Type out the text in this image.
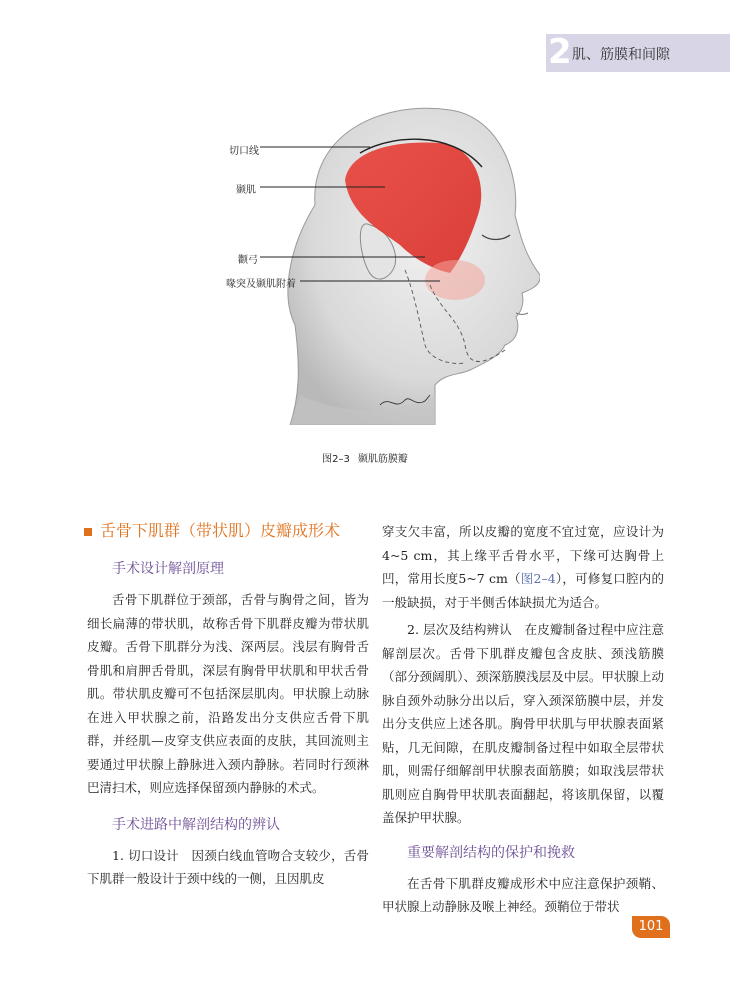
2 肌、筋膜和间隙
切口线
颞肌
颧弓
喙突及颞肌附着
图2–3 颞肌筋膜瓣
舌骨下肌群（带状肌）皮瓣成形术
手术设计解剖原理

舌骨下肌群位于颈部，舌骨与胸骨之间，皆为细长扁薄的带状肌，故称舌骨下肌群皮瓣为带状肌皮瓣。舌骨下肌群分为浅、深两层。浅层有胸骨舌骨肌和肩胛舌骨肌，深层有胸骨甲状肌和甲状舌骨肌。带状肌皮瓣可不包括深层肌肉。甲状腺上动脉在进入甲状腺之前，沿路发出分支供应舌骨下肌群，并经肌—皮穿支供应表面的皮肤，其回流则主要通过甲状腺上静脉进入颈内静脉。若同时行颈淋巴清扫术，则应选择保留颈内静脉的术式。

手术进路中解剖结构的辨认

1. 切口设计　因颈白线血管吻合支较少，舌骨下肌群一般设计于颈中线的一侧，且因肌皮

穿支欠丰富，所以皮瓣的宽度不宜过宽，应设计为4~5 cm，其上缘平舌骨水平，下缘可达胸骨上凹，常用长度5~7 cm（图2–4），可修复口腔内的一般缺损，对于半侧舌体缺损尤为适合。

2. 层次及结构辨认　在皮瓣制备过程中应注意解剖层次。舌骨下肌群皮瓣包含皮肤、颈浅筋膜（部分颈阔肌）、颈深筋膜浅层及中层。甲状腺上动脉自颈外动脉分出以后，穿入颈深筋膜中层，并发出分支供应上述各肌。胸骨甲状肌与甲状腺表面紧贴，几无间隙，在肌皮瓣制备过程中如取全层带状肌，则需仔细解剖甲状腺表面筋膜；如取浅层带状肌则应自胸骨甲状肌表面翻起，将该肌保留，以覆盖保护甲状腺。

重要解剖结构的保护和挽救

在舌骨下肌群皮瓣成形术中应注意保护颈鞘、甲状腺上动静脉及喉上神经。颈鞘位于带状

101
